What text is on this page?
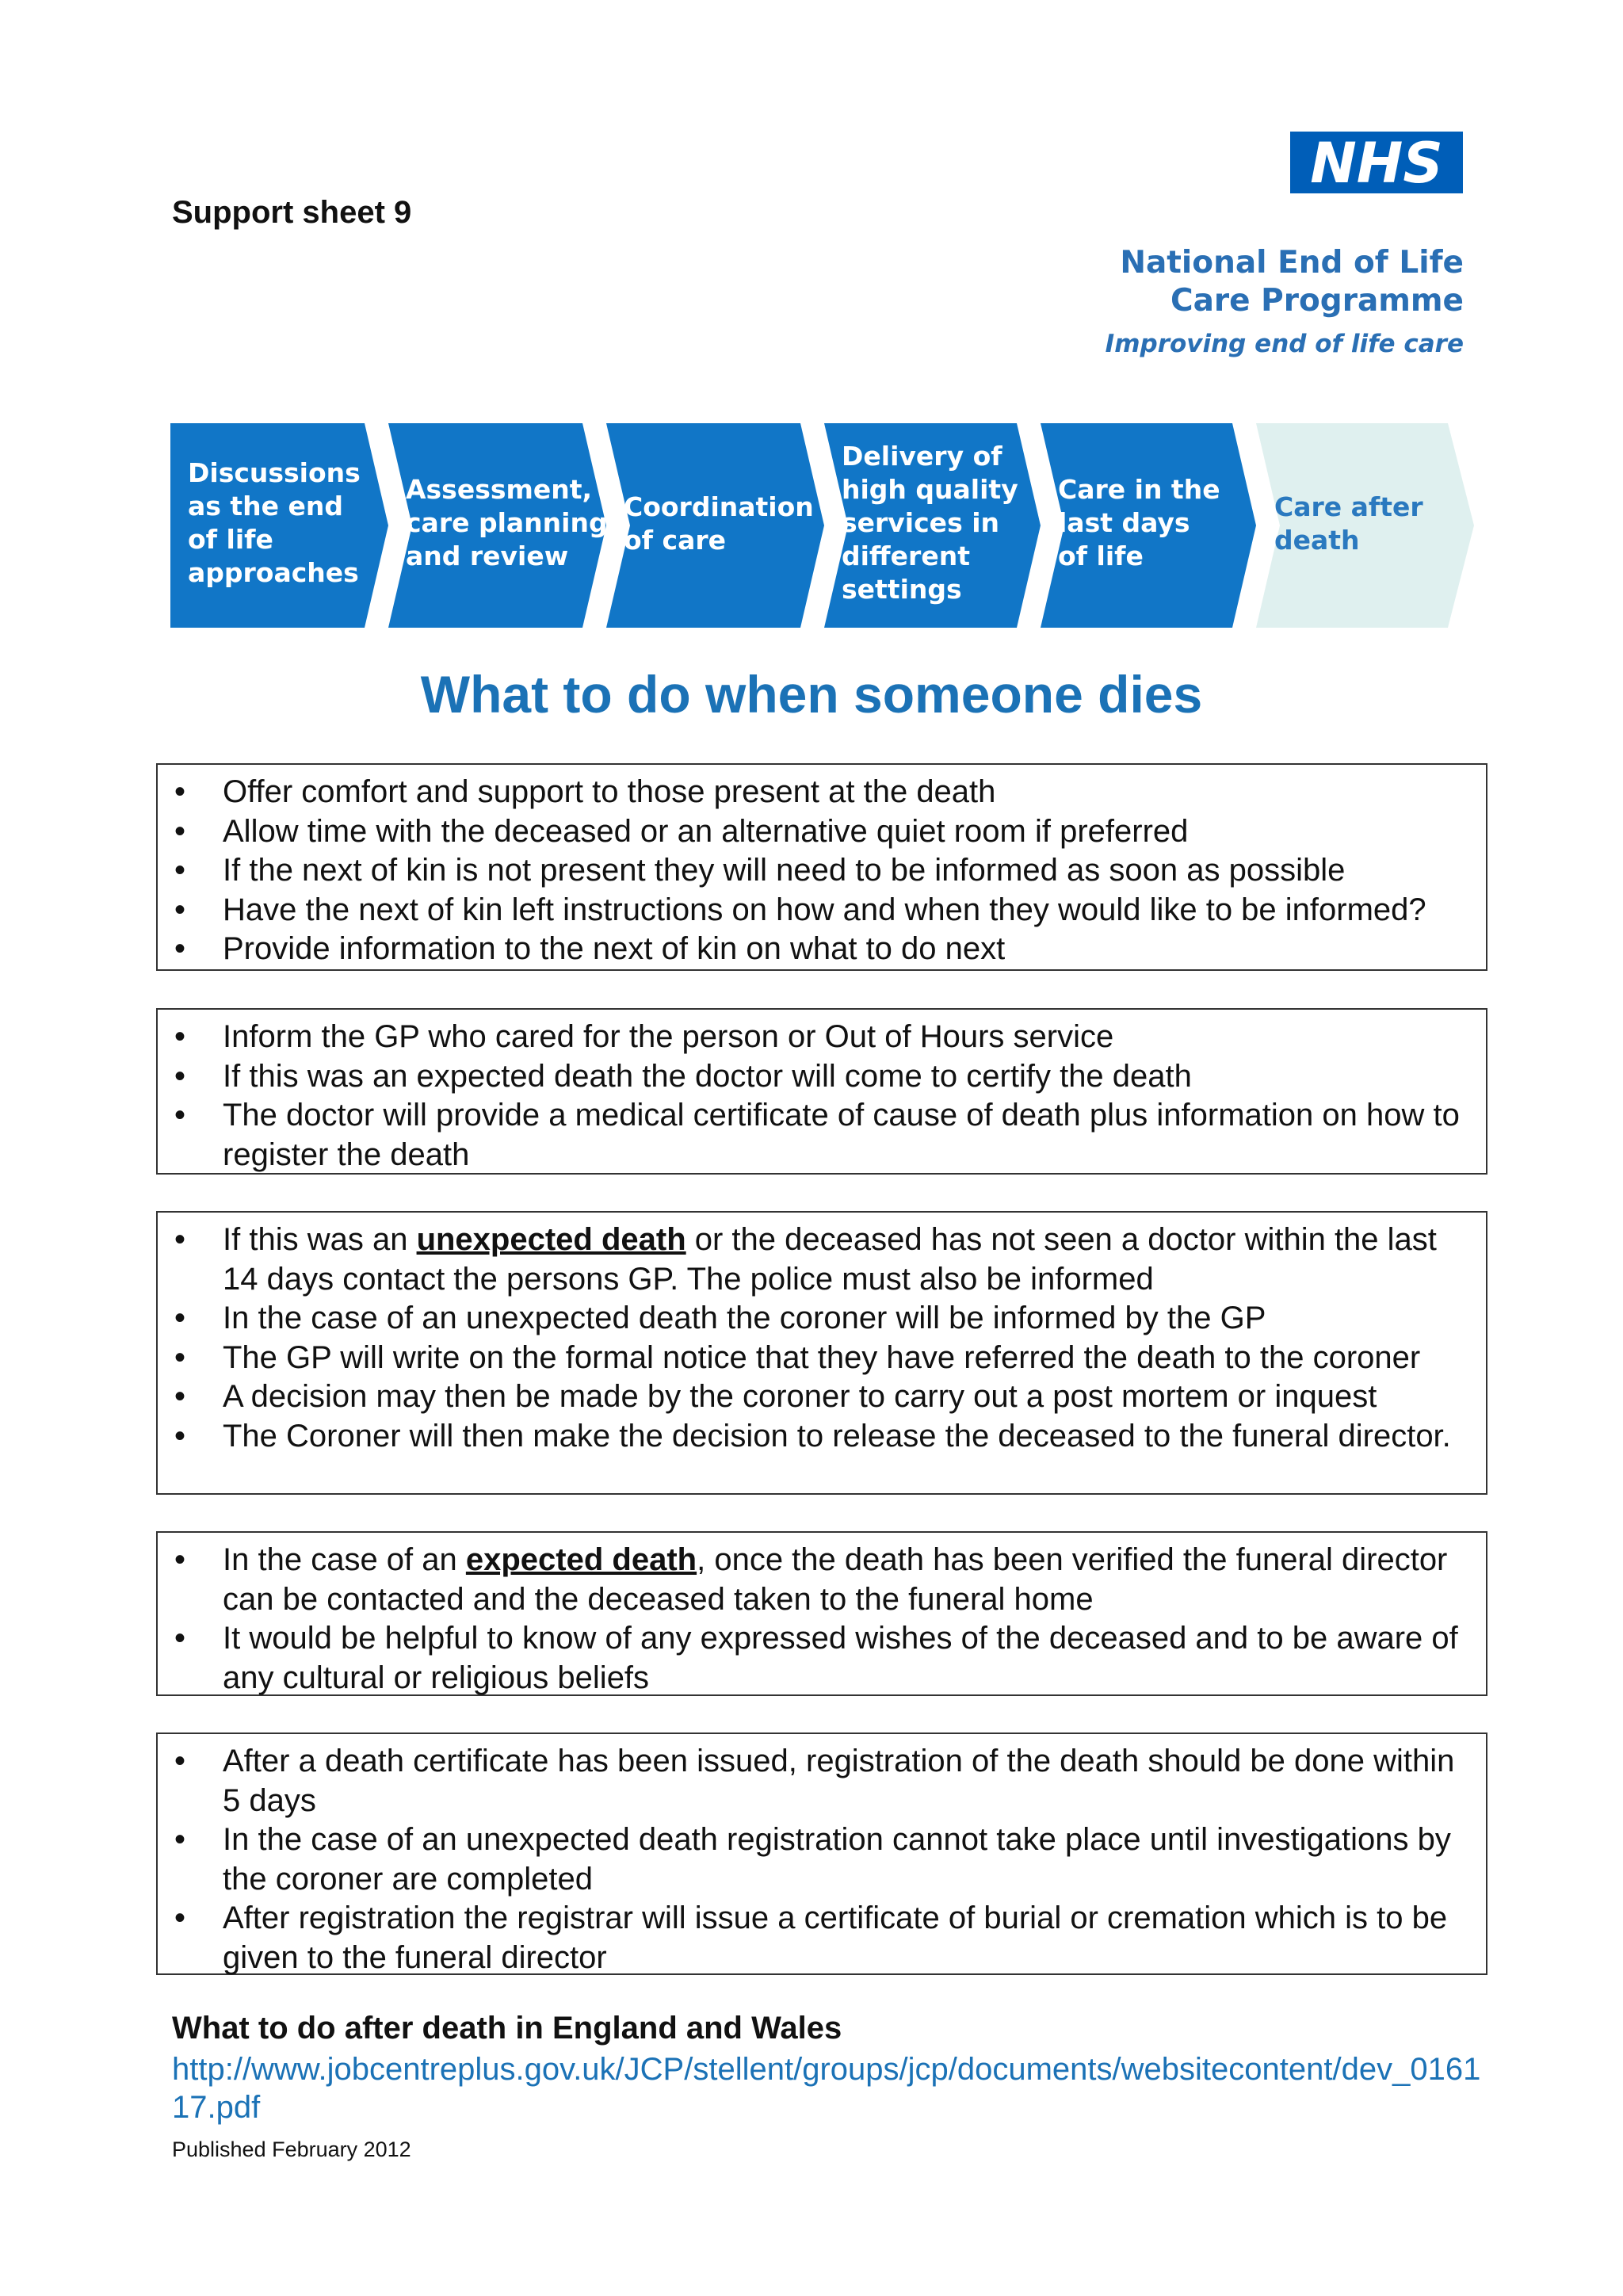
Support sheet 9

NHS
National End of Life
Care Programme
Improving end of life care
Discussions
as the end
of life
approaches
Assessment,
care planning
and review
Coordination
of care
Delivery of
high quality
services in
different
settings
Care in the
last days
of life
Care after
death
What to do when someone dies
• Offer comfort and support to those present at the death
• Allow time with the deceased or an alternative quiet room if preferred
• If the next of kin is not present they will need to be informed as soon as possible
• Have the next of kin left instructions on how and when they would like to be informed?
• Provide information to the next of kin on what to do next
• Inform the GP who cared for the person or Out of Hours service
• If this was an expected death the doctor will come to certify the death
• The doctor will provide a medical certificate of cause of death plus information on how to register the death
• If this was an unexpected death or the deceased has not seen a doctor within the last 14 days contact the persons GP. The police must also be informed
• In the case of an unexpected death the coroner will be informed by the GP
• The GP will write on the formal notice that they have referred the death to the coroner
• A decision may then be made by the coroner to carry out a post mortem or inquest
• The Coroner will then make the decision to release the deceased to the funeral director.
• In the case of an expected death, once the death has been verified the funeral director can be contacted and the deceased taken to the funeral home
• It would be helpful to know of any expressed wishes of the deceased and to be aware of any cultural or religious beliefs
• After a death certificate has been issued, registration of the death should be done within 5 days
• In the case of an unexpected death registration cannot take place until investigations by the coroner are completed
• After registration the registrar will issue a certificate of burial or cremation which is to be given to the funeral director

What to do after death in England and Wales

http://www.jobcentreplus.gov.uk/JCP/stellent/groups/jcp/documents/websitecontent/dev_016117.pdf
Published February 2012
